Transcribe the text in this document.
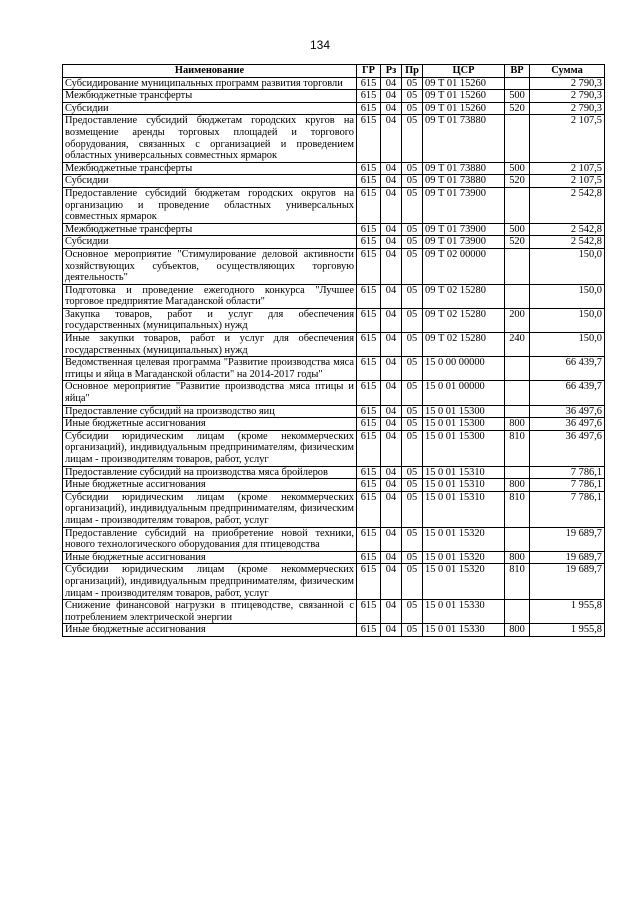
134
Наименование	ГР	Рз	Пр	ЦСР	ВР	Сумма
Субсидирование муниципальных программ развития торговли	615	04	05	09 Т 01 15260		2 790,3
Межбюджетные трансферты	615	04	05	09 Т 01 15260	500	2 790,3
Субсидии	615	04	05	09 Т 01 15260	520	2 790,3
Предоставление субсидий бюджетам городских кругов на возмещение аренды торговых площадей и торгового оборудования, связанных с организацией и проведением областных универсальных совместных ярмарок	615	04	05	09 Т 01 73880		2 107,5
Межбюджетные трансферты	615	04	05	09 Т 01 73880	500	2 107,5
Субсидии	615	04	05	09 Т 01 73880	520	2 107,5
Предоставление субсидий бюджетам городских округов на организацию и проведение областных универсальных совместных ярмарок	615	04	05	09 Т 01 73900		2 542,8
Межбюджетные трансферты	615	04	05	09 Т 01 73900	500	2 542,8
Субсидии	615	04	05	09 Т 01 73900	520	2 542,8
Основное мероприятие "Стимулирование деловой активности хозяйствующих субъектов, осуществляющих торговую деятельность"	615	04	05	09 Т 02 00000		150,0
Подготовка и проведение ежегодного конкурса "Лучшее торговое предприятие Магаданской области"	615	04	05	09 Т 02 15280		150,0
Закупка товаров, работ и услуг для обеспечения государственных (муниципальных) нужд	615	04	05	09 Т 02 15280	200	150,0
Иные закупки товаров, работ и услуг для обеспечения государственных (муниципальных) нужд	615	04	05	09 Т 02 15280	240	150,0
Ведомственная целевая программа "Развитие производства мяса птицы и яйца в Магаданской области" на 2014-2017 годы"	615	04	05	15 0 00 00000		66 439,7
Основное мероприятие "Развитие производства мяса птицы и яйца"	615	04	05	15 0 01 00000		66 439,7
Предоставление субсидий на производство яиц	615	04	05	15 0 01 15300		36 497,6
Иные бюджетные ассигнования	615	04	05	15 0 01 15300	800	36 497,6
Субсидии юридическим лицам (кроме некоммерческих организаций), индивидуальным предпринимателям, физическим лицам - производителям товаров, работ, услуг	615	04	05	15 0 01 15300	810	36 497,6
Предоставление субсидий на производства мяса бройлеров	615	04	05	15 0 01 15310		7 786,1
Иные бюджетные ассигнования	615	04	05	15 0 01 15310	800	7 786,1
Субсидии юридическим лицам (кроме некоммерческих организаций), индивидуальным предпринимателям, физическим лицам - производителям товаров, работ, услуг	615	04	05	15 0 01 15310	810	7 786,1
Предоставление субсидий на приобретение новой техники, нового технологического оборудования для птицеводства	615	04	05	15 0 01 15320		19 689,7
Иные бюджетные ассигнования	615	04	05	15 0 01 15320	800	19 689,7
Субсидии юридическим лицам (кроме некоммерческих организаций), индивидуальным предпринимателям, физическим лицам - производителям товаров, работ, услуг	615	04	05	15 0 01 15320	810	19 689,7
Снижение финансовой нагрузки в птицеводстве, связанной с потреблением электрической энергии	615	04	05	15 0 01 15330		1 955,8
Иные бюджетные ассигнования	615	04	05	15 0 01 15330	800	1 955,8
